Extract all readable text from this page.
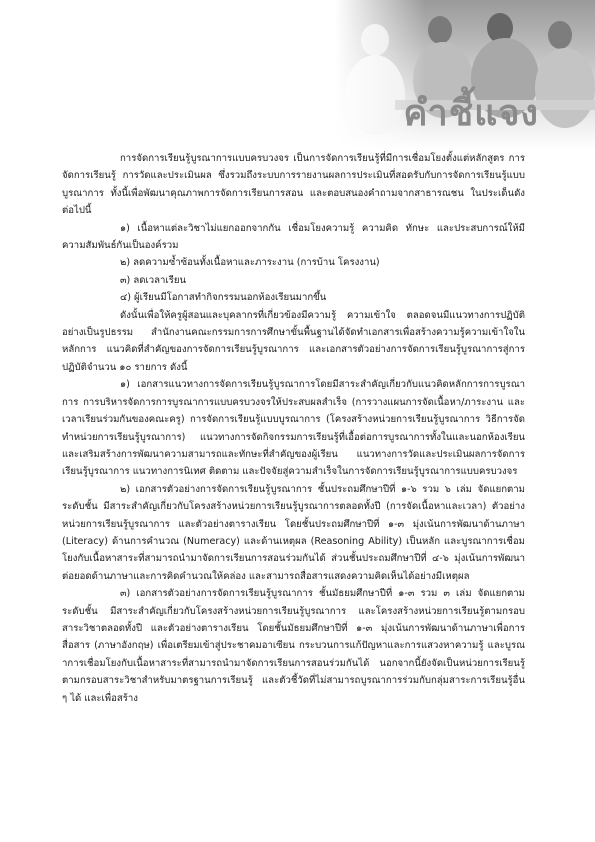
คำชี้แจง

การจัดการเรียนรู้บูรณาการแบบครบวงจร เป็นการจัดการเรียนรู้ที่มีการเชื่อมโยงตั้งแต่หลักสูตร การจัดการเรียนรู้ การวัดและประเมินผล ซึ่งรวมถึงระบบการรายงานผลการประเมินที่สอดรับกับการจัดการเรียนรู้แบบบูรณาการ ทั้งนี้เพื่อพัฒนาคุณภาพการจัดการเรียนการสอน และตอบสนองคำถามจากสาธารณชน ในประเด็นดังต่อไปนี้

๑) เนื้อหาแต่ละวิชาไม่แยกออกจากกัน เชื่อมโยงความรู้ ความคิด ทักษะ และประสบการณ์ให้มีความสัมพันธ์กันเป็นองค์รวม

๒) ลดความซ้ำซ้อนทั้งเนื้อหาและภาระงาน (การบ้าน โครงงาน)

๓) ลดเวลาเรียน

๔) ผู้เรียนมีโอกาสทำกิจกรรมนอกห้องเรียนมากขึ้น

ดังนั้นเพื่อให้ครูผู้สอนและบุคลากรที่เกี่ยวข้องมีความรู้ ความเข้าใจ ตลอดจนมีแนวทางการปฏิบัติอย่างเป็นรูปธรรม สำนักงานคณะกรรมการการศึกษาขั้นพื้นฐานได้จัดทำเอกสารเพื่อสร้างความรู้ความเข้าใจในหลักการ แนวคิดที่สำคัญของการจัดการเรียนรู้บูรณาการ และเอกสารตัวอย่างการจัดการเรียนรู้บูรณาการสู่การปฏิบัติจำนวน ๑๐ รายการ ดังนี้

๑) เอกสารแนวทางการจัดการเรียนรู้บูรณาการโดยมีสาระสำคัญเกี่ยวกับแนวคิดหลักการการบูรณาการ การบริหารจัดการการบูรณาการแบบครบวงจรให้ประสบผลสำเร็จ (การวางแผนการจัดเนื้อหา/ภาระงาน และเวลาเรียนร่วมกันของคณะครู) การจัดการเรียนรู้แบบบูรณาการ (โครงสร้างหน่วยการเรียนรู้บูรณาการ วิธีการจัดทำหน่วยการเรียนรู้บูรณาการ) แนวทางการจัดกิจกรรมการเรียนรู้ที่เอื้อต่อการบูรณาการทั้งในและนอกห้องเรียน และเสริมสร้างการพัฒนาความสามารถและทักษะที่สำคัญของผู้เรียน แนวทางการวัดและประเมินผลการจัดการเรียนรู้บูรณาการ แนวทางการนิเทศ ติดตาม และปัจจัยสู่ความสำเร็จในการจัดการเรียนรู้บูรณาการแบบครบวงจร

๒) เอกสารตัวอย่างการจัดการเรียนรู้บูรณาการ ชั้นประถมศึกษาปีที่ ๑-๖ รวม ๖ เล่ม จัดแยกตามระดับชั้น มีสาระสำคัญเกี่ยวกับโครงสร้างหน่วยการเรียนรู้บูรณาการตลอดทั้งปี (การจัดเนื้อหาและเวลา) ตัวอย่างหน่วยการเรียนรู้บูรณาการ และตัวอย่างตารางเรียน โดยชั้นประถมศึกษาปีที่ ๑-๓ มุ่งเน้นการพัฒนาด้านภาษา (Literacy) ด้านการคำนวณ (Numeracy) และด้านเหตุผล (Reasoning Ability) เป็นหลัก และบูรณาการเชื่อมโยงกับเนื้อหาสาระที่สามารถนำมาจัดการเรียนการสอนร่วมกันได้ ส่วนชั้นประถมศึกษาปีที่ ๔-๖ มุ่งเน้นการพัฒนาต่อยอดด้านภาษาและการคิดคำนวณให้คล่อง และสามารถสื่อสารแสดงความคิดเห็นได้อย่างมีเหตุผล

๓) เอกสารตัวอย่างการจัดการเรียนรู้บูรณาการ ชั้นมัธยมศึกษาปีที่ ๑-๓ รวม ๓ เล่ม จัดแยกตามระดับชั้น มีสาระสำคัญเกี่ยวกับโครงสร้างหน่วยการเรียนรู้บูรณาการ และโครงสร้างหน่วยการเรียนรู้ตามกรอบสาระวิชาตลอดทั้งปี และตัวอย่างตารางเรียน โดยชั้นมัธยมศึกษาปีที่ ๑-๓ มุ่งเน้นการพัฒนาด้านภาษาเพื่อการสื่อสาร (ภาษาอังกฤษ) เพื่อเตรียมเข้าสู่ประชาคมอาเซียน กระบวนการแก้ปัญหาและการแสวงหาความรู้ และบูรณาการเชื่อมโยงกับเนื้อหาสาระที่สามารถนำมาจัดการเรียนการสอนร่วมกันได้ นอกจากนี้ยังจัดเป็นหน่วยการเรียนรู้ตามกรอบสาระวิชาสำหรับมาตรฐานการเรียนรู้ และตัวชี้วัดที่ไม่สามารถบูรณาการร่วมกับกลุ่มสาระการเรียนรู้อื่น ๆ ได้ และเพื่อสร้าง
